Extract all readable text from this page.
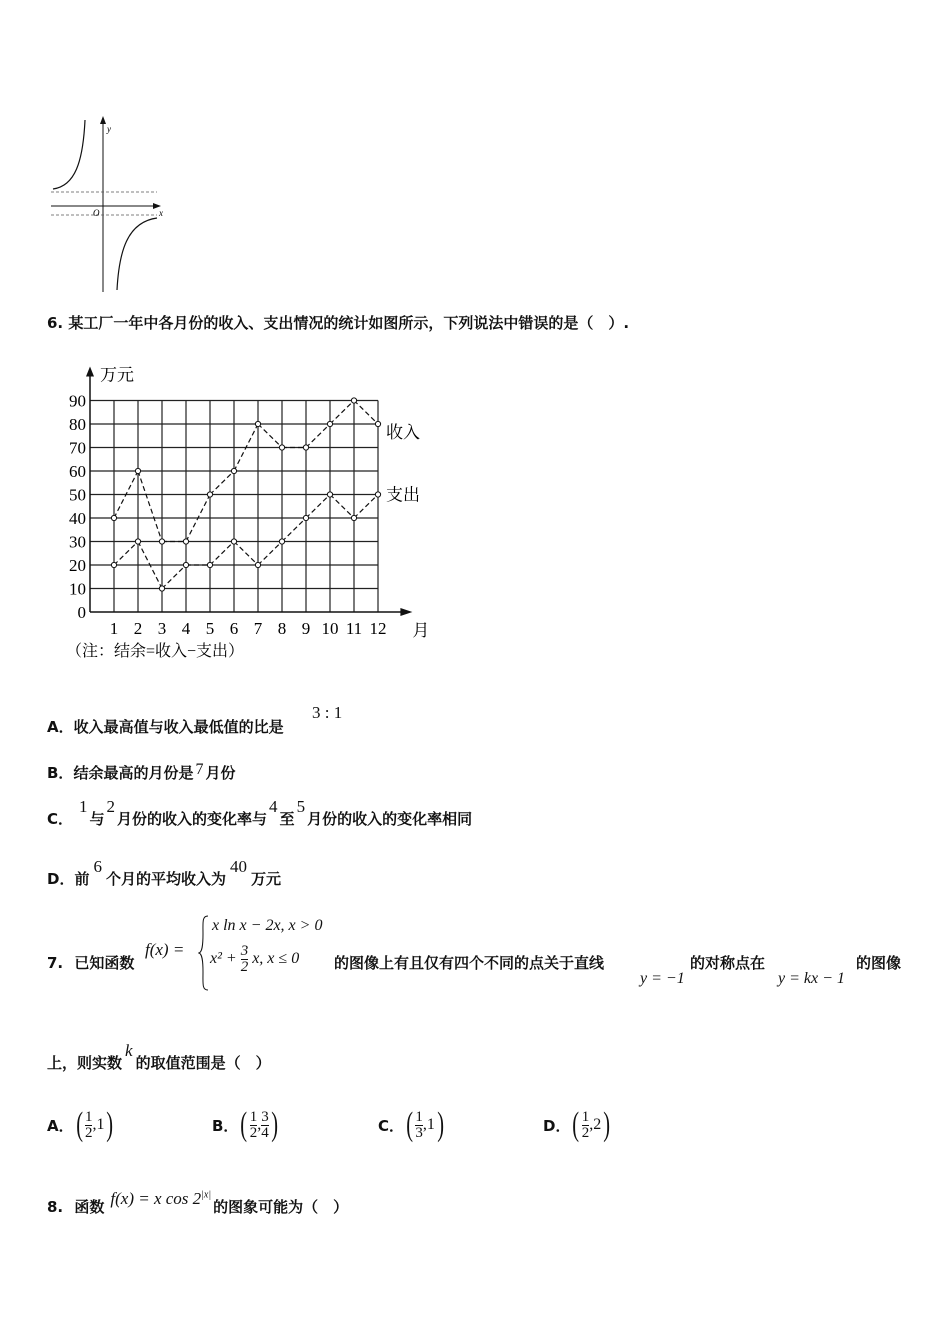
y
O	x
6. 某工厂一年中各月份的收入、支出情况的统计如图所示，下列说法中错误的是（　）.
0
10
20
30
40
50
60
70
80
90
1 2 3 4 5 6 7 8 9 10 11 12
万元
月
收入
支出
（注：结余=收入−支出）
A．收入最高值与收入最低值的比是
3 : 1
B．结余最高的月份是 7 月份
C．1与2月份的收入的变化率与4至5月份的收入的变化率相同
D．前6个月的平均收入为40万元
7. 已知函数
f(x) =
x ln x − 2x, x > 0
$x^2 + \frac{3}{2} x$, x ≤ 0 的图像上有且仅有四个不同的点关于直线
y = −1
的对称点在
y = kx − 1
的图像
上，则实数k的取值范围是（　）
A． ( $\frac{1}{2}$ , 1 )	B． ( $\frac{1}{2}$ , $\frac{3}{4}$ )	C． ( $\frac{1}{3}$ , 1 )	D． ( $\frac{1}{2}$ , 2 )
8. 函数 f(x) = x $\cos 2^{|x|}$的图象可能为（　）
